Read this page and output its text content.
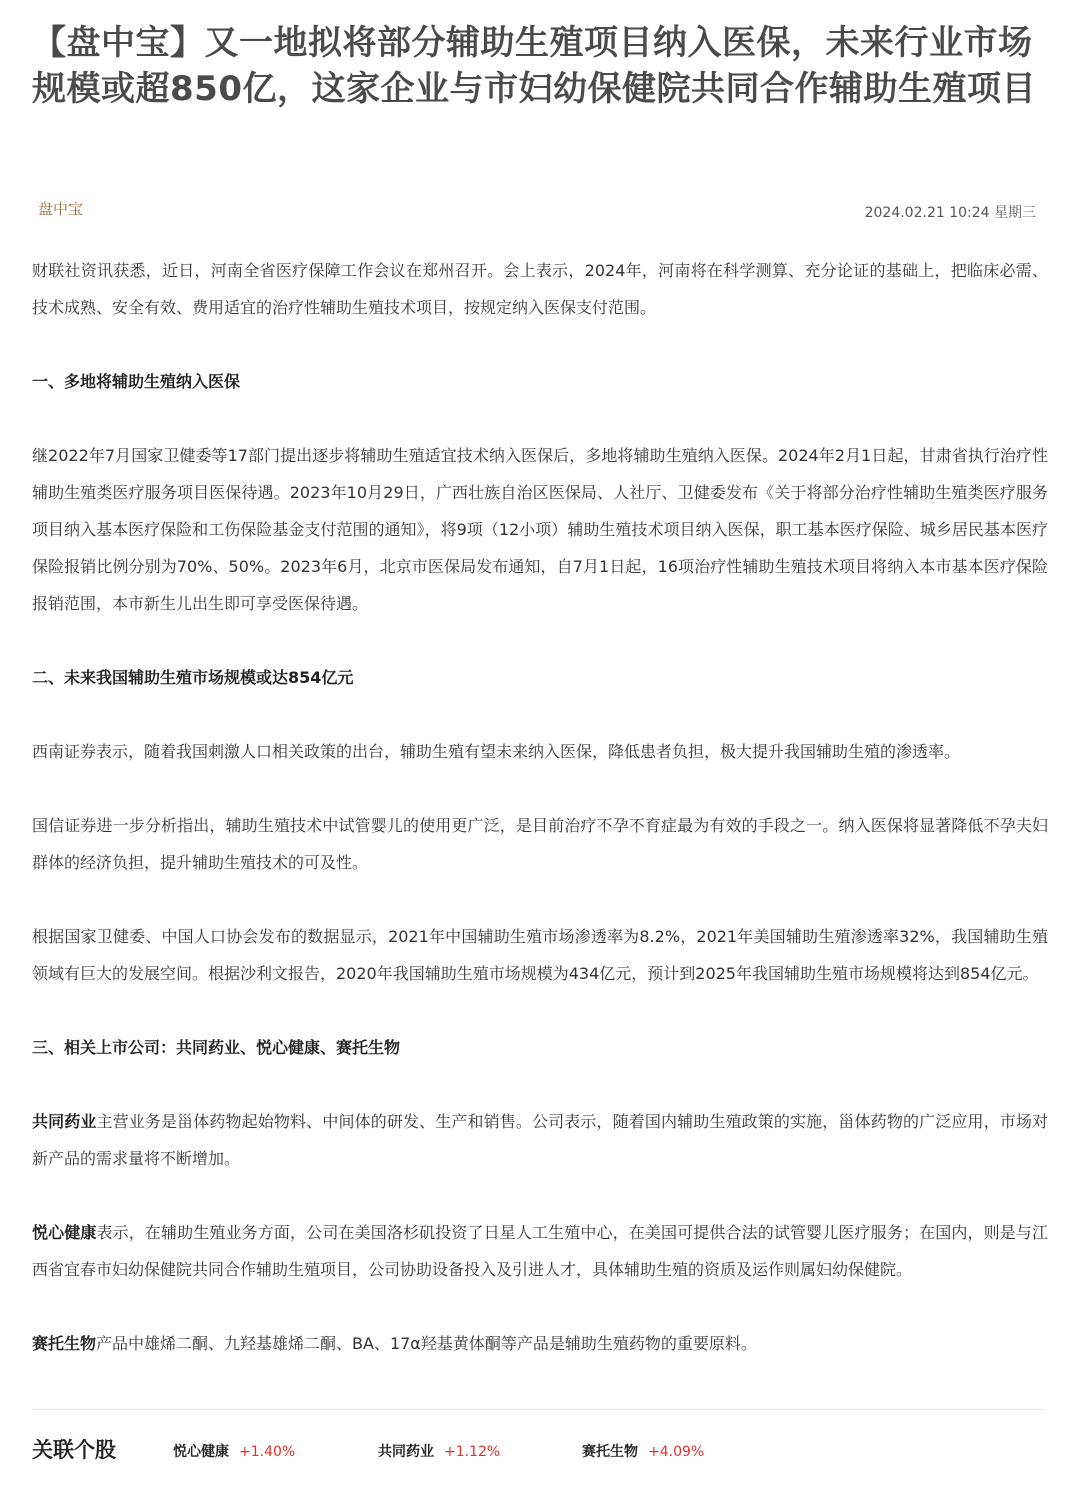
【盘中宝】又一地拟将部分辅助生殖项目纳入医保，未来行业市场规模或超850亿，这家企业与市妇幼保健院共同合作辅助生殖项目
盘中宝	2024.02.21 10:24 星期三

财联社资讯获悉，近日，河南全省医疗保障工作会议在郑州召开。会上表示，2024年，河南将在科学测算、充分论证的基础上，把临床必需、技术成熟、安全有效、费用适宜的治疗性辅助生殖技术项目，按规定纳入医保支付范围。

一、多地将辅助生殖纳入医保

继2022年7月国家卫健委等17部门提出逐步将辅助生殖适宜技术纳入医保后，多地将辅助生殖纳入医保。2024年2月1日起，甘肃省执行治疗性辅助生殖类医疗服务项目医保待遇。2023年10月29日，广西壮族自治区医保局、人社厅、卫健委发布《关于将部分治疗性辅助生殖类医疗服务项目纳入基本医疗保险和工伤保险基金支付范围的通知》，将9项（12小项）辅助生殖技术项目纳入医保，职工基本医疗保险、城乡居民基本医疗保险报销比例分别为70%、50%。2023年6月，北京市医保局发布通知，自7月1日起，16项治疗性辅助生殖技术项目将纳入本市基本医疗保险报销范围，本市新生儿出生即可享受医保待遇。

二、未来我国辅助生殖市场规模或达854亿元

西南证券表示，随着我国刺激人口相关政策的出台，辅助生殖有望未来纳入医保，降低患者负担，极大提升我国辅助生殖的渗透率。

国信证券进一步分析指出，辅助生殖技术中试管婴儿的使用更广泛，是目前治疗不孕不育症最为有效的手段之一。纳入医保将显著降低不孕夫妇群体的经济负担，提升辅助生殖技术的可及性。

根据国家卫健委、中国人口协会发布的数据显示，2021年中国辅助生殖市场渗透率为8.2%，2021年美国辅助生殖渗透率32%，我国辅助生殖领域有巨大的发展空间。根据沙利文报告，2020年我国辅助生殖市场规模为434亿元，预计到2025年我国辅助生殖市场规模将达到854亿元。

三、相关上市公司：共同药业、悦心健康、赛托生物

共同药业主营业务是甾体药物起始物料、中间体的研发、生产和销售。公司表示，随着国内辅助生殖政策的实施，甾体药物的广泛应用，市场对新产品的需求量将不断增加。

悦心健康表示，在辅助生殖业务方面，公司在美国洛杉矶投资了日星人工生殖中心，在美国可提供合法的试管婴儿医疗服务；在国内，则是与江西省宜春市妇幼保健院共同合作辅助生殖项目，公司协助设备投入及引进人才，具体辅助生殖的资质及运作则属妇幼保健院。

赛托生物产品中雄烯二酮、九羟基雄烯二酮、BA、17α羟基黄体酮等产品是辅助生殖药物的重要原料。

关联个股	悦心健康 +1.40%	共同药业 +1.12%	赛托生物 +4.09%
